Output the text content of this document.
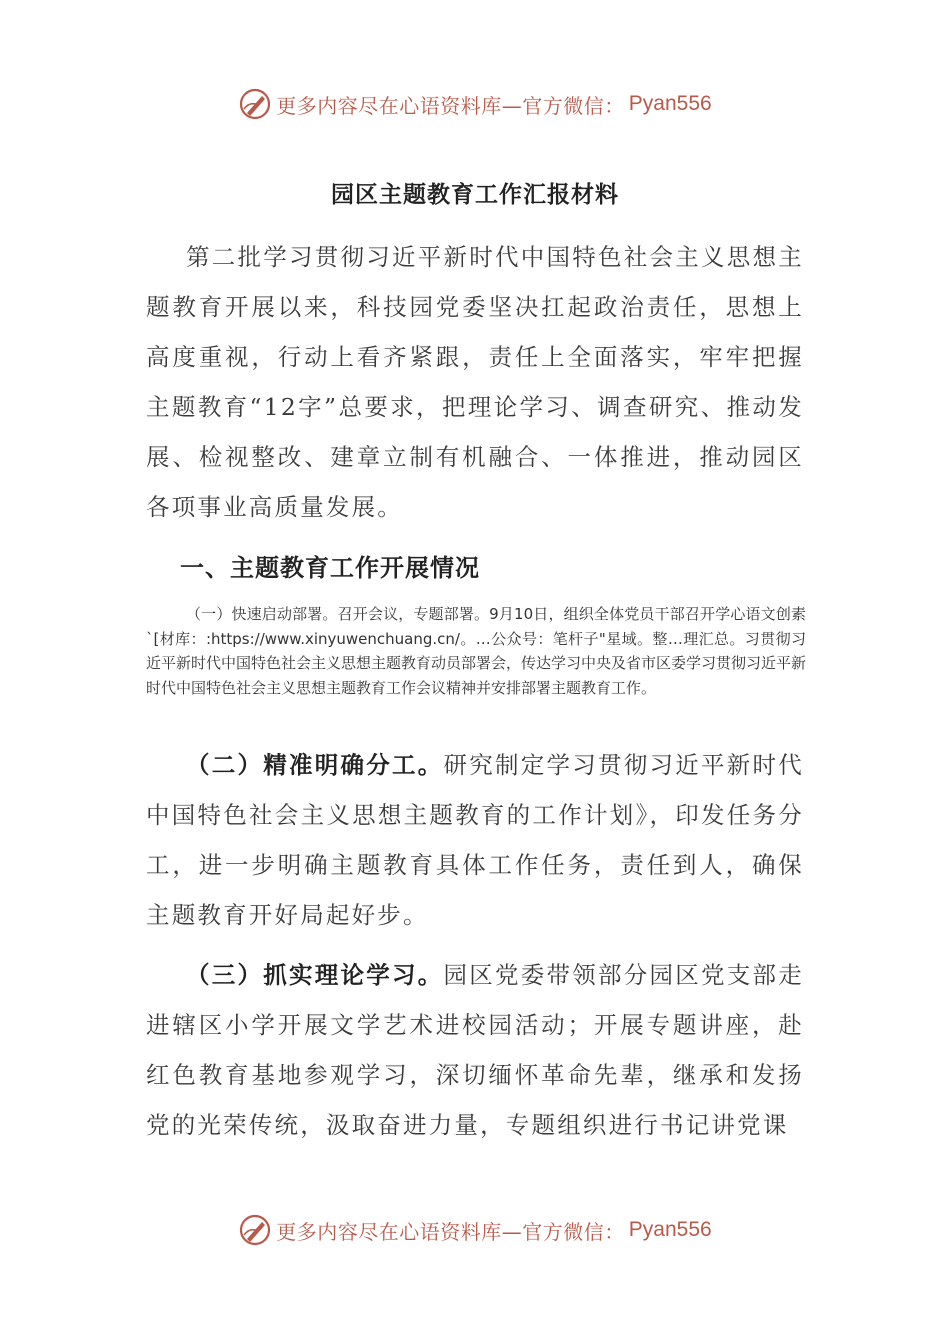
更多内容尽在心语资料库—官方微信： Pyan556
园区主题教育工作汇报材料

第二批学习贯彻习近平新时代中国特色社会主义思想主题教育开展以来，科技园党委坚决扛起政治责任，思想上高度重视，行动上看齐紧跟，责任上全面落实，牢牢把握主题教育“12字”总要求，把理论学习、调查研究、推动发展、检视整改、建章立制有机融合、一体推进，推动园区各项事业高质量发展。

一、主题教育工作开展情况

（一）快速启动部署。召开会议，专题部署。9月10日，组织全体党员干部召开学心语文创素`[材库：:https://www.xinyuwenchuang.cn/。…公众号：笔杆子"星域。整…理汇总。习贯彻习近平新时代中国特色社会主义思想主题教育动员部署会，传达学习中央及省市区委学习贯彻习近平新时代中国特色社会主义思想主题教育工作会议精神并安排部署主题教育工作。

（二）精准明确分工。研究制定学习贯彻习近平新时代中国特色社会主义思想主题教育的工作计划》，印发任务分工，进一步明确主题教育具体工作任务，责任到人，确保主题教育开好局起好步。

（三）抓实理论学习。园区党委带领部分园区党支部走进辖区小学开展文学艺术进校园活动；开展专题讲座，赴红色教育基地参观学习，深切缅怀革命先辈，继承和发扬党的光荣传统，汲取奋进力量，专题组织进行书记讲党课

更多内容尽在心语资料库—官方微信： Pyan556
